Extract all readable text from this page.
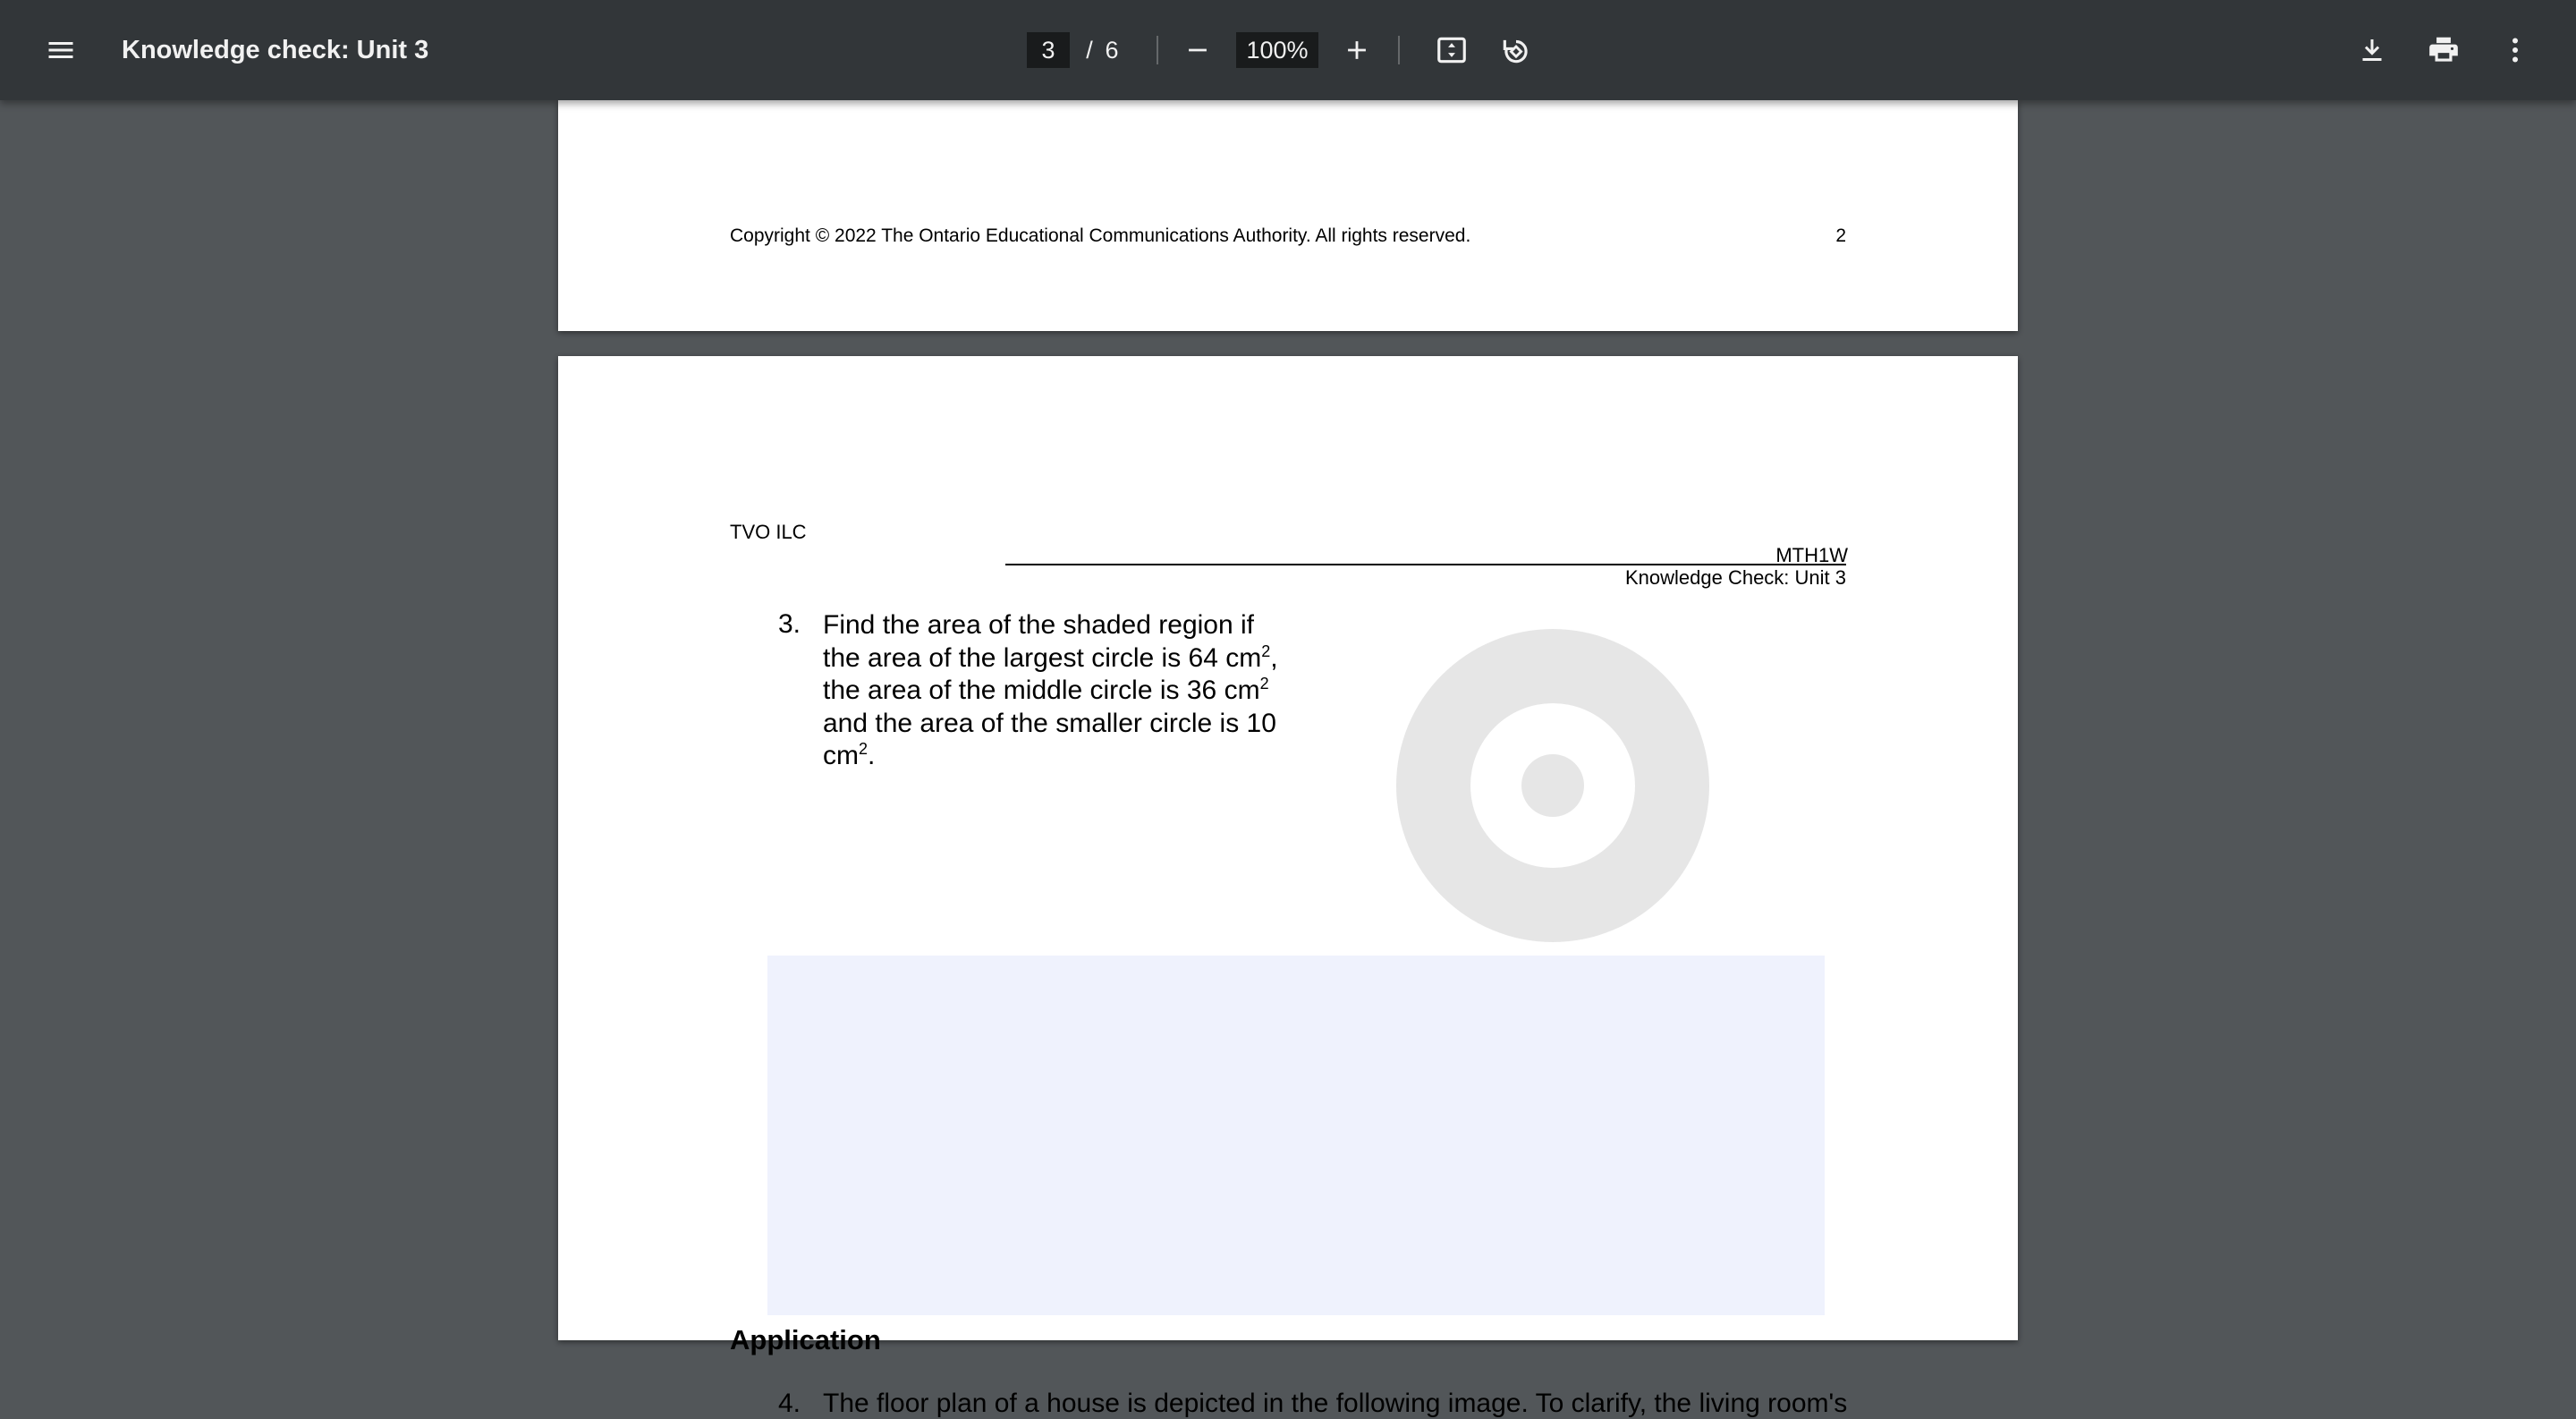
Knowledge check: Unit 3
3	/ 6
100%
Copyright © 2022 The Ontario Educational Communications Authority. All rights reserved.	2
TVO ILC
MTH1W
Knowledge Check: Unit 3
3. Find the area of the shaded region if the area of the largest circle is 64 $cm^2$, the area of the middle circle is 36 $cm^2$ and the area of the smaller circle is 10 $cm^2$.
Application
4. The floor plan of a house is depicted in the following image. To clarify, the living room's
